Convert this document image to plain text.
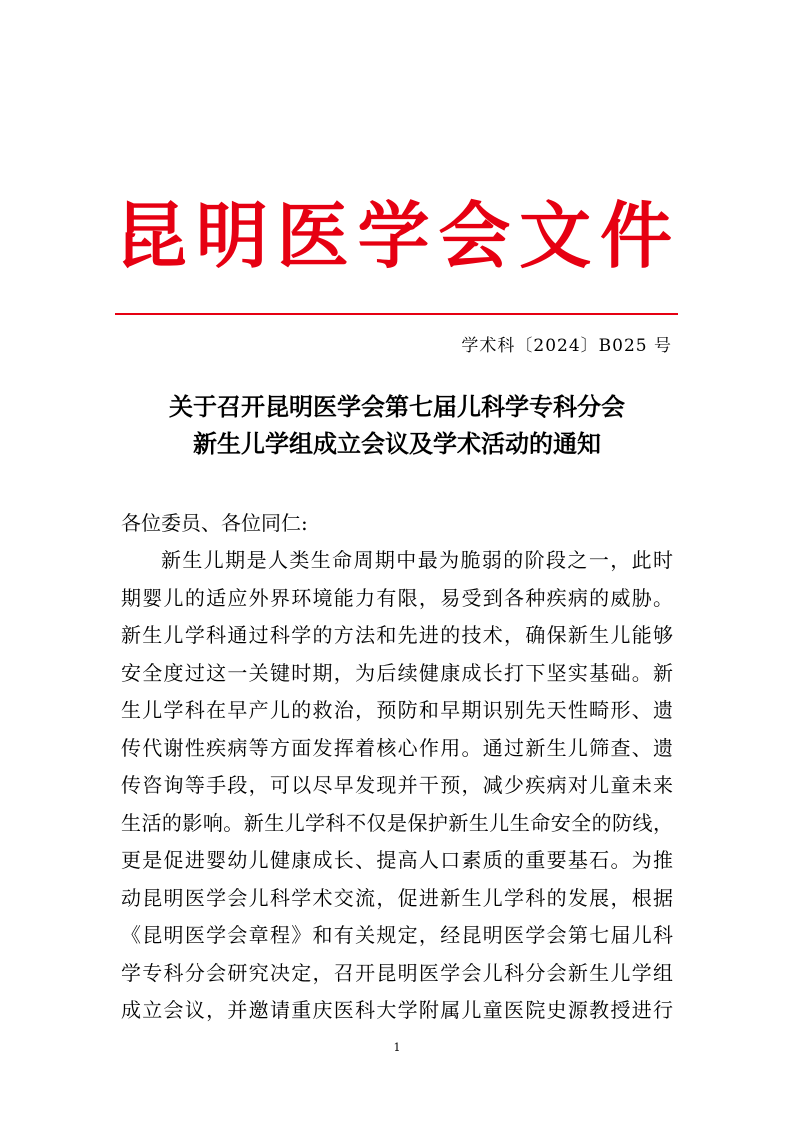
昆 明 医 学 会 文 件
学术科〔2024〕B025 号
关于召开昆明医学会第七届儿科学专科分会
新生儿学组成立会议及学术活动的通知
各位委员、各位同仁:
新生儿期是人类生命周期中最为脆弱的阶段之一，此时
期婴儿的适应外界环境能力有限，易受到各种疾病的威胁。
新生儿学科通过科学的方法和先进的技术，确保新生儿能够
安全度过这一关键时期，为后续健康成长打下坚实基础。新
生儿学科在早产儿的救治，预防和早期识别先天性畸形、遗
传代谢性疾病等方面发挥着核心作用。通过新生儿筛查、遗
传咨询等手段，可以尽早发现并干预，减少疾病对儿童未来
生活的影响。新生儿学科不仅是保护新生儿生命安全的防线，
更是促进婴幼儿健康成长、提高人口素质的重要基石。为推
动昆明医学会儿科学术交流，促进新生儿学科的发展，根据
《昆明医学会章程》和有关规定，经昆明医学会第七届儿科
学专科分会研究决定，召开昆明医学会儿科分会新生儿学组
成立会议，并邀请重庆医科大学附属儿童医院史源教授进行
1
